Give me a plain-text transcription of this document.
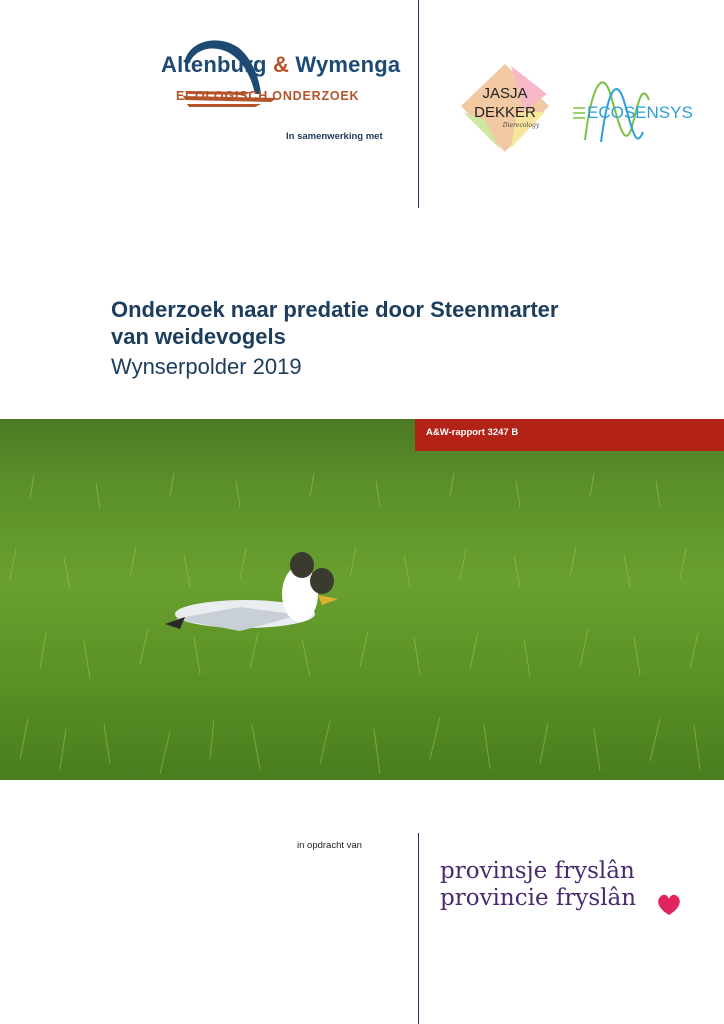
Altenburg & Wymenga
ECOLOGISCH ONDERZOEK
In samenwerking met
JASJA
DEKKER
Dierecology
ECOSENSYS
Onderzoek naar predatie door Steenmarter
van weidevogels
Wynserpolder 2019
A&W-rapport 3247 B
in opdracht van
provinsje fryslân
provincie fryslân
